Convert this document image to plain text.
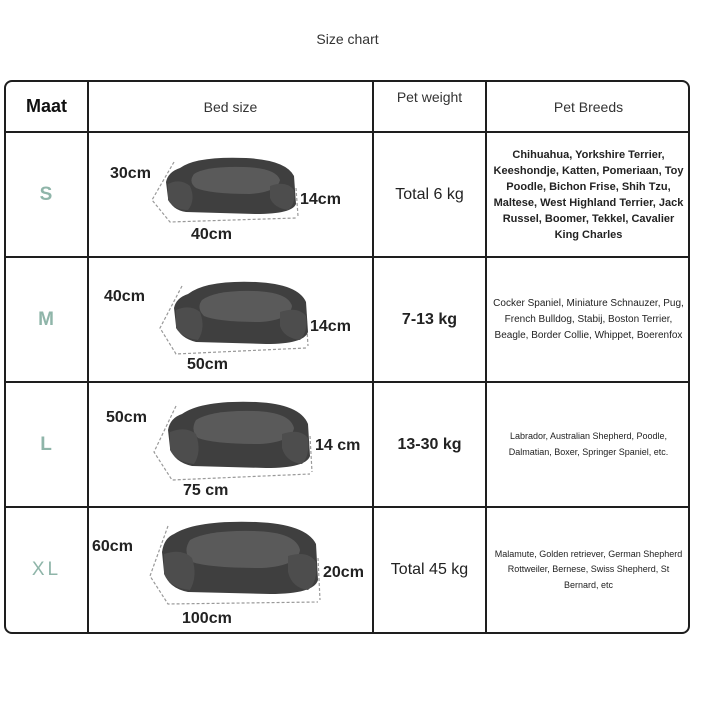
Size chart
Maat	Bed size
Pet weight
Pet Breeds
S
30cm
14cm
40cm
Total 6 kg
Chihuahua, Yorkshire Terrier, Keeshondje, Katten, Pomeriaan, Toy Poodle, Bichon Frise, Shih Tzu, Maltese, West Highland Terrier, Jack Russel, Boomer, Tekkel, Cavalier King Charles
M
40cm
14cm
50cm
7-13 kg
Cocker Spaniel, Miniature Schnauzer, Pug, French Bulldog, Stabij, Boston Terrier, Beagle, Border Collie, Whippet, Boerenfox
L
50cm
14 cm
75 cm
13-30 kg	Labrador, Australian Shepherd, Poodle, Dalmatian, Boxer, Springer Spaniel, etc.
XL
60cm
20cm
100cm
Total 45 kg
Malamute, Golden retriever, German Shepherd Rottweiler, Bernese, Swiss Shepherd, St Bernard, etc
